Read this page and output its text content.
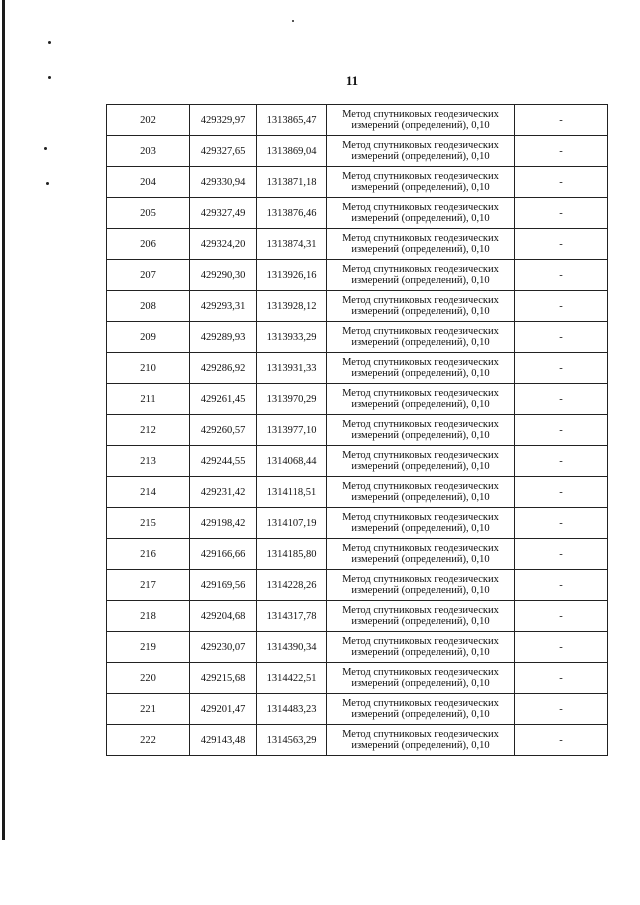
11
202	429329,97	1313865,47	Метод спутниковых геодезических измерений (определений), 0,10	-
203	429327,65	1313869,04	Метод спутниковых геодезических измерений (определений), 0,10	-
204	429330,94	1313871,18	Метод спутниковых геодезических измерений (определений), 0,10	-
205	429327,49	1313876,46	Метод спутниковых геодезических измерений (определений), 0,10	-
206	429324,20	1313874,31	Метод спутниковых геодезических измерений (определений), 0,10	-
207	429290,30	1313926,16	Метод спутниковых геодезических измерений (определений), 0,10	-
208	429293,31	1313928,12	Метод спутниковых геодезических измерений (определений), 0,10	-
209	429289,93	1313933,29	Метод спутниковых геодезических измерений (определений), 0,10	-
210	429286,92	1313931,33	Метод спутниковых геодезических измерений (определений), 0,10	-
211	429261,45	1313970,29	Метод спутниковых геодезических измерений (определений), 0,10	-
212	429260,57	1313977,10	Метод спутниковых геодезических измерений (определений), 0,10	-
213	429244,55	1314068,44	Метод спутниковых геодезических измерений (определений), 0,10	-
214	429231,42	1314118,51	Метод спутниковых геодезических измерений (определений), 0,10	-
215	429198,42	1314107,19	Метод спутниковых геодезических измерений (определений), 0,10	-
216	429166,66	1314185,80	Метод спутниковых геодезических измерений (определений), 0,10	-
217	429169,56	1314228,26	Метод спутниковых геодезических измерений (определений), 0,10	-
218	429204,68	1314317,78	Метод спутниковых геодезических измерений (определений), 0,10	-
219	429230,07	1314390,34	Метод спутниковых геодезических измерений (определений), 0,10	-
220	429215,68	1314422,51	Метод спутниковых геодезических измерений (определений), 0,10	-
221	429201,47	1314483,23	Метод спутниковых геодезических измерений (определений), 0,10	-
222	429143,48	1314563,29	Метод спутниковых геодезических измерений (определений), 0,10	-
